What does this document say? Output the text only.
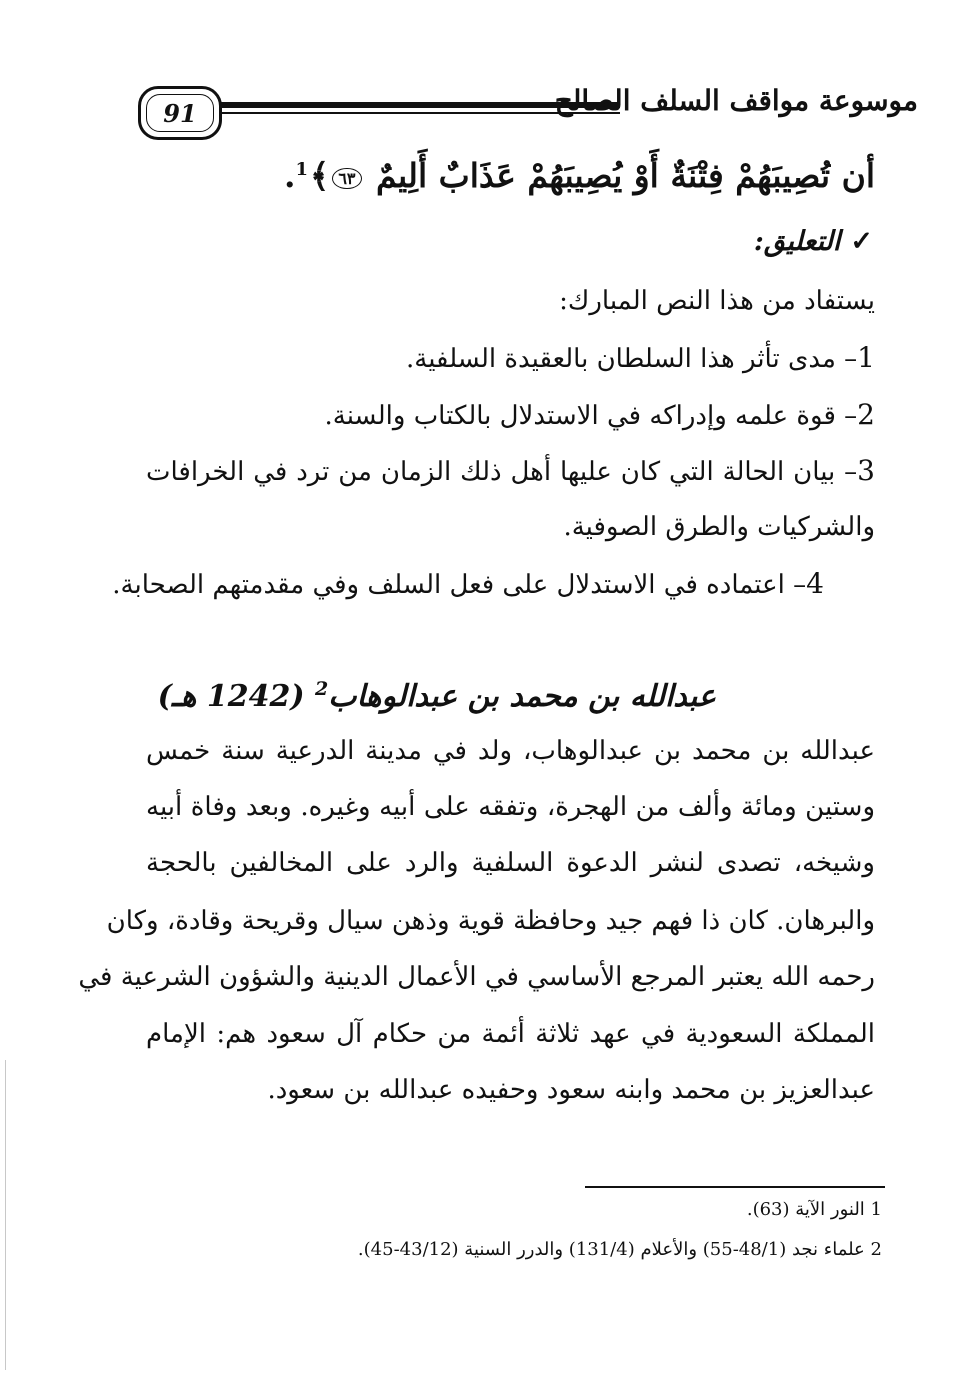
91	موسوعة مواقف السلف الصالح
أن تُصِيبَهُمْ فِتْنَةٌ أَوْ يُصِيبَهُمْ عَذَابٌ أَلِيمٌ ٦٣﴾$^1$.
✓التعليق:
يستفاد من هذا النص المبارك:
1– مدى تأثر هذا السلطان بالعقيدة السلفية.
2– قوة علمه وإدراكه في الاستدلال بالكتاب والسنة.
3– بيان الحالة التي كان عليها أهل ذلك الزمان من ترد في الخرافات
والشركيات والطرق الصوفية.
4– اعتماده في الاستدلال على فعل السلف وفي مقدمتهم الصحابة.
عبدالله بن محمد بن عبدالوهاب$^2$ (1242 هـ)
عبدالله بن محمد بن عبدالوهاب، ولد في مدينة الدرعية سنة خمس
وستين ومائة وألف من الهجرة، وتفقه على أبيه وغيره. وبعد وفاة أبيه
وشيخه، تصدى لنشر الدعوة السلفية والرد على المخالفين بالحجة
والبرهان. كان ذا فهم جيد وحافظة قوية وذهن سيال وقريحة وقادة، وكان
رحمه الله يعتبر المرجع الأساسي في الأعمال الدينية والشؤون الشرعية في
المملكة السعودية في عهد ثلاثة أئمة من حكام آل سعود هم: الإمام
عبدالعزيز بن محمد وابنه سعود وحفيده عبدالله بن سعود.
1 النور الآية (63).
2 علماء نجد (48/1-55) والأعلام (131/4) والدرر السنية (43/12-45).
